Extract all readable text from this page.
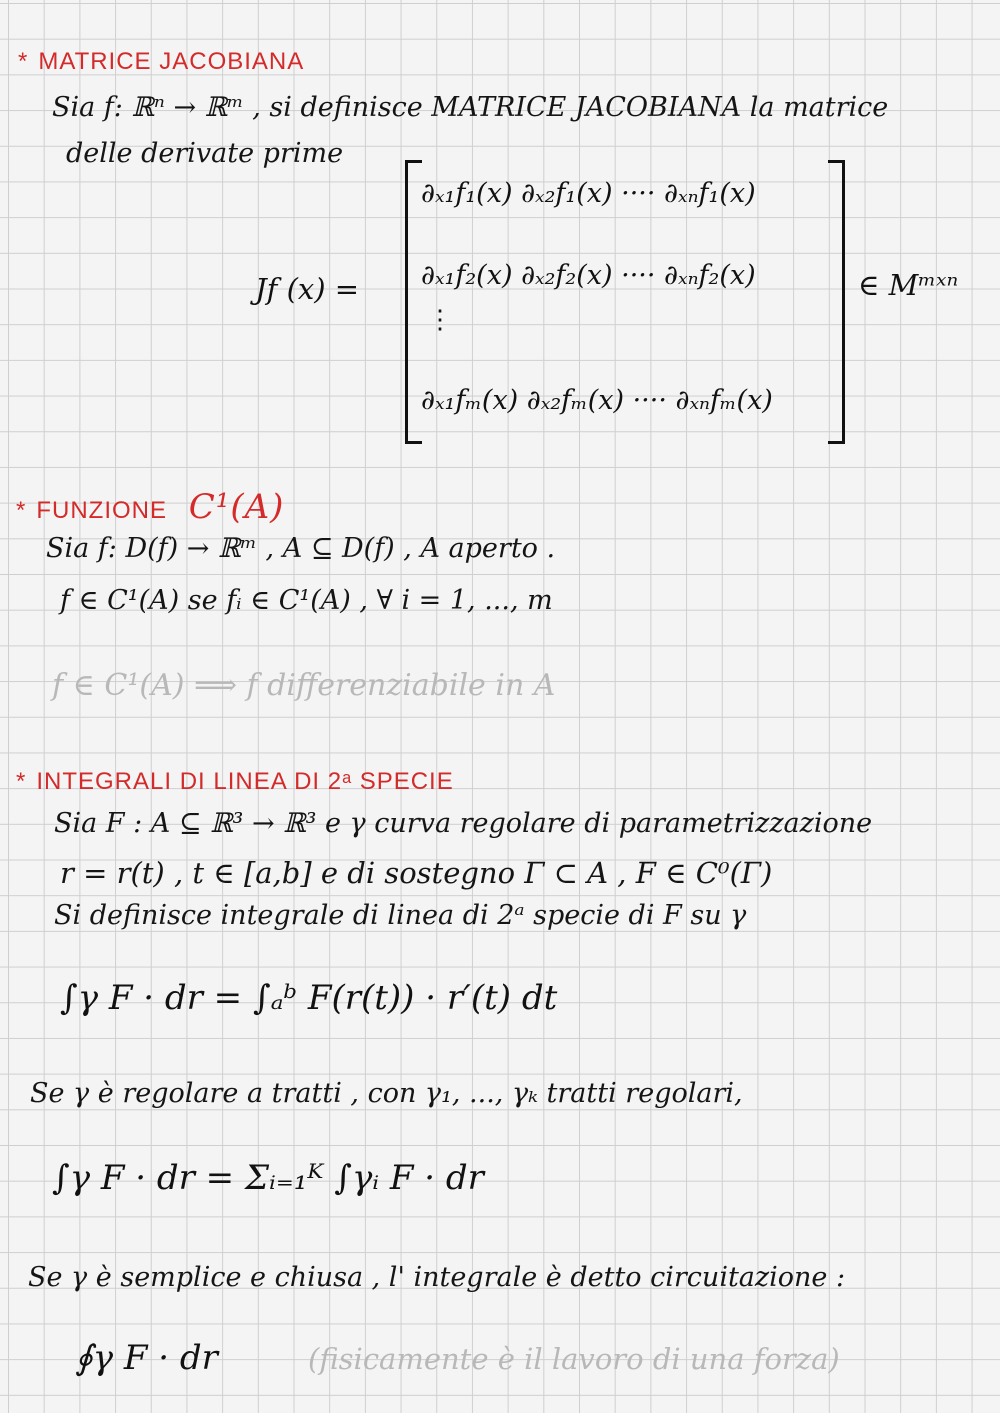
* MATRICE JACOBIANA
Sia f: ℝⁿ → ℝᵐ , si definisce MATRICE JACOBIANA la matrice
delle derivate prime
Jf (x) =
∂ₓ₁f₁(x) ∂ₓ₂f₁(x) ···· ∂ₓₙf₁(x)
∂ₓ₁f₂(x) ∂ₓ₂f₂(x) ···· ∂ₓₙf₂(x)
⋮
∂ₓ₁fₘ(x) ∂ₓ₂fₘ(x) ···· ∂ₓₙfₘ(x)
∈ Mᵐˣⁿ
* FUNZIONE C¹(A)
Sia f: D(f) → ℝᵐ , A ⊆ D(f) , A aperto .
f ∈ C¹(A) se fᵢ ∈ C¹(A) , ∀ i = 1, ..., m
f ∈ C¹(A) ⟹ f differenziabile in A
* INTEGRALI DI LINEA DI 2ᵃ SPECIE
Sia F : A ⊆ ℝ³ → ℝ³ e γ curva regolare di parametrizzazione
r = r(t) , t ∈ [a,b] e di sostegno Γ ⊂ A , F ∈ C⁰(Γ)
Si definisce integrale di linea di 2ᵃ specie di F su γ
∫γ F · dr = ∫ₐᵇ F(r(t)) · r′(t) dt
Se γ è regolare a tratti , con γ₁, ..., γₖ tratti regolari,
∫γ F · dr = Σᵢ₌₁ᴷ ∫γᵢ F · dr
Se γ è semplice e chiusa , l' integrale è detto circuitazione :
∮γ F · dr	(fisicamente è il lavoro di una forza)
